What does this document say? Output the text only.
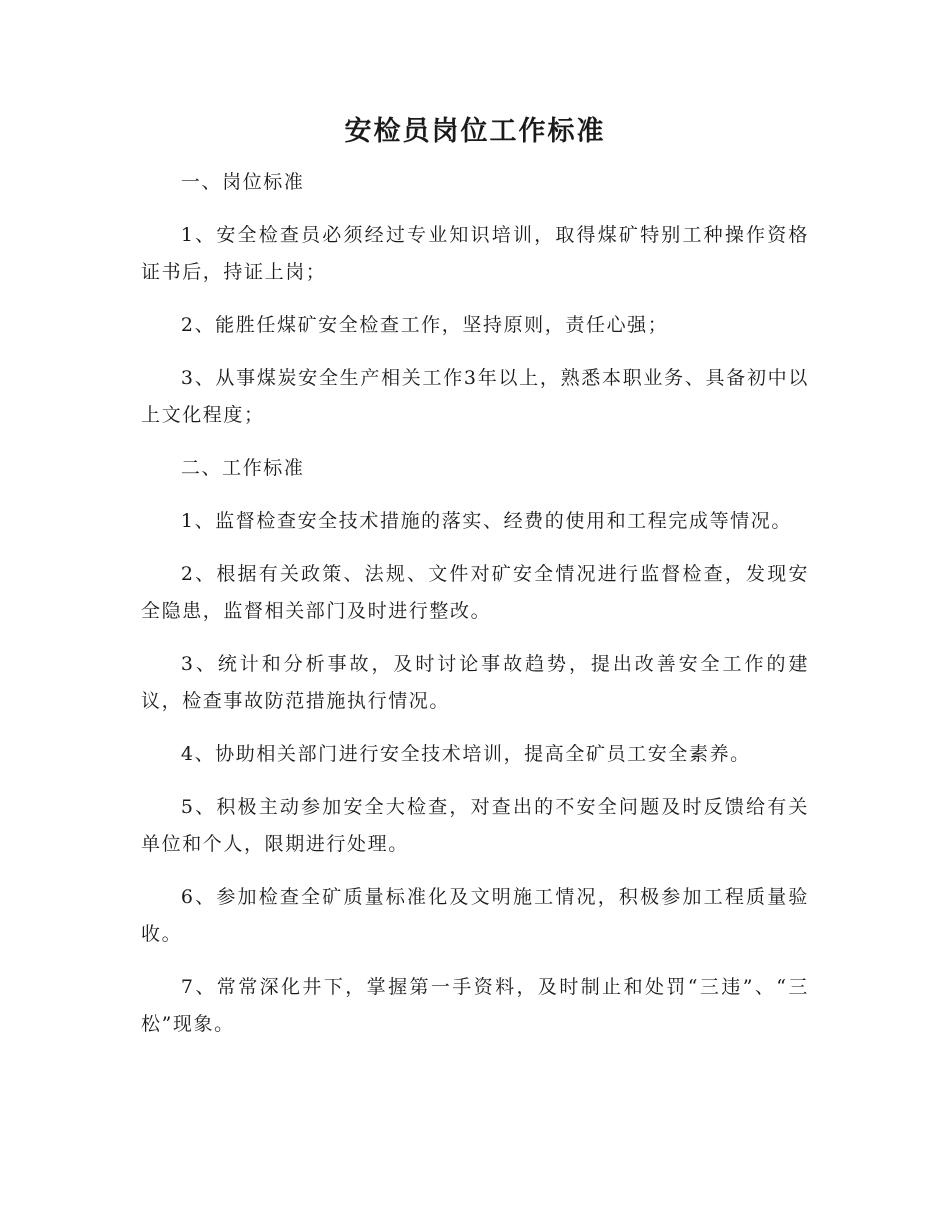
安检员岗位工作标准

一、岗位标准

1、安全检查员必须经过专业知识培训，取得煤矿特别工种操作资格证书后，持证上岗；

2、能胜任煤矿安全检查工作，坚持原则，责任心强；

3、从事煤炭安全生产相关工作3年以上，熟悉本职业务、具备初中以上文化程度；

二、工作标准

1、监督检查安全技术措施的落实、经费的使用和工程完成等情况。

2、根据有关政策、法规、文件对矿安全情况进行监督检查，发现安全隐患，监督相关部门及时进行整改。

3、统计和分析事故，及时讨论事故趋势，提出改善安全工作的建议，检查事故防范措施执行情况。

4、协助相关部门进行安全技术培训，提高全矿员工安全素养。

5、积极主动参加安全大检查，对查出的不安全问题及时反馈给有关单位和个人，限期进行处理。

6、参加检查全矿质量标准化及文明施工情况，积极参加工程质量验收。

7、常常深化井下，掌握第一手资料，及时制止和处罚“三违”、“三松”现象。
